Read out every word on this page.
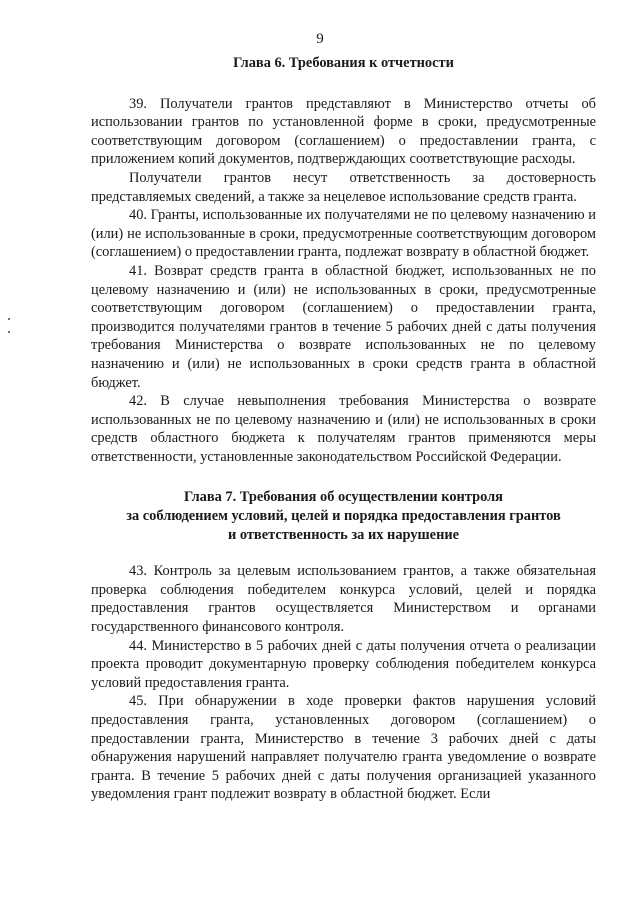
9
Глава 6. Требования к отчетности

39. Получатели грантов представляют в Министерство отчеты об использовании грантов по установленной форме в сроки, предусмотренные соответствующим договором (соглашением) о предоставлении гранта, с приложением копий документов, подтверждающих соответствующие расходы.

Получатели грантов несут ответственность за достоверность представляемых сведений, а также за нецелевое использование средств гранта.

40. Гранты, использованные их получателями не по целевому назначению и (или) не использованные в сроки, предусмотренные соответствующим договором (соглашением) о предоставлении гранта, подлежат возврату в областной бюджет.

41. Возврат средств гранта в областной бюджет, использованных не по целевому назначению и (или) не использованных в сроки, предусмотренные соответствующим договором (соглашением) о предоставлении гранта, производится получателями грантов в течение 5 рабочих дней с даты получения требования Министерства о возврате использованных не по целевому назначению и (или) не использованных в сроки средств гранта в областной бюджет.

42. В случае невыполнения требования Министерства о возврате использованных не по целевому назначению и (или) не использованных в сроки средств областного бюджета к получателям грантов применяются меры ответственности, установленные законодательством Российской Федерации.

Глава 7. Требования об осуществлении контроля
за соблюдением условий, целей и порядка предоставления грантов
и ответственность за их нарушение

43. Контроль за целевым использованием грантов, а также обязательная проверка соблюдения победителем конкурса условий, целей и порядка предоставления грантов осуществляется Министерством и органами государственного финансового контроля.

44. Министерство в 5 рабочих дней с даты получения отчета о реализации проекта проводит документарную проверку соблюдения победителем конкурса условий предоставления гранта.

45. При обнаружении в ходе проверки фактов нарушения условий предоставления гранта, установленных договором (соглашением) о предоставлении гранта, Министерство в течение 3 рабочих дней с даты обнаружения нарушений направляет получателю гранта уведомление о возврате гранта. В течение 5 рабочих дней с даты получения организацией указанного уведомления грант подлежит возврату в областной бюджет. Если
